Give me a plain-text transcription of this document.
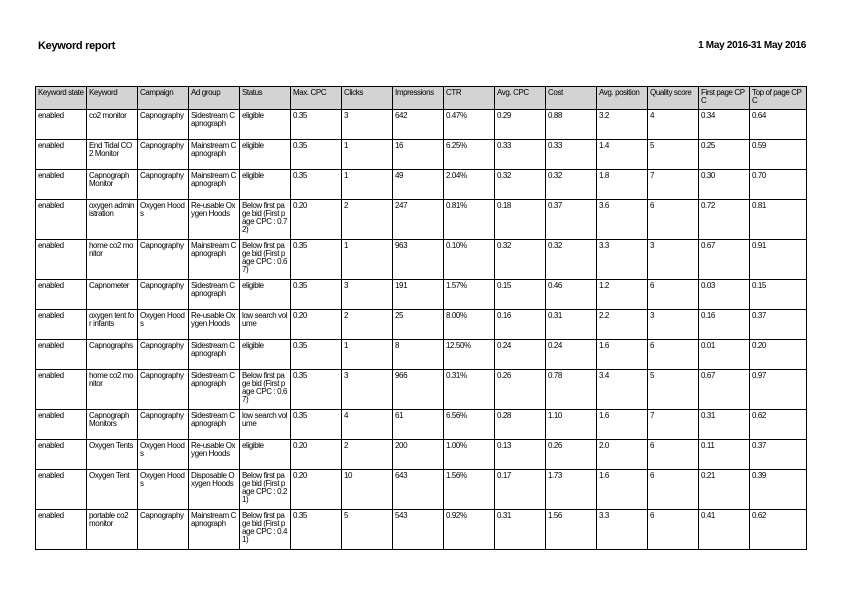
Keyword report	1 May 2016-31 May 2016
Keyword state	Keyword	Campaign	Ad group	Status	Max. CPC	Clicks	Impressions	CTR	Avg. CPC	Cost	Avg. position	Quality score	First page CPC	Top of page CPC
enabled	co2 monitor	Capnography	Sidestream Capnograph	eligible	0.35	3	642	0.47%	0.29	0.88	3.2	4	0.34	0.64
enabled	End Tidal CO2 Monitor	Capnography	Mainstream Capnograph	eligible	0.35	1	16	6.25%	0.33	0.33	1.4	5	0.25	0.59
enabled	Capnograph Monitor	Capnography	Mainstream Capnograph	eligible	0.35	1	49	2.04%	0.32	0.32	1.8	7	0.30	0.70
enabled	oxygen administration	Oxygen Hoods	Re-usable Oxygen Hoods	Below first page bid (First page CPC : 0.72)	0.20	2	247	0.81%	0.18	0.37	3.6	6	0.72	0.81
enabled	home co2 monitor	Capnography	Mainstream Capnograph	Below first page bid (First page CPC : 0.67)	0.35	1	963	0.10%	0.32	0.32	3.3	3	0.67	0.91
enabled	Capnometer	Capnography	Sidestream Capnograph	eligible	0.35	3	191	1.57%	0.15	0.46	1.2	6	0.03	0.15
enabled	oxygen tent for infants	Oxygen Hoods	Re-usable Oxygen Hoods	low search volume	0.20	2	25	8.00%	0.16	0.31	2.2	3	0.16	0.37
enabled	Capnographs	Capnography	Sidestream Capnograph	eligible	0.35	1	8	12.50%	0.24	0.24	1.6	6	0.01	0.20
enabled	home co2 monitor	Capnography	Sidestream Capnograph	Below first page bid (First page CPC : 0.67)	0.35	3	966	0.31%	0.26	0.78	3.4	5	0.67	0.97
enabled	Capnograph Monitors	Capnography	Sidestream Capnograph	low search volume	0.35	4	61	6.56%	0.28	1.10	1.6	7	0.31	0.62
enabled	Oxygen Tents	Oxygen Hoods	Re-usable Oxygen Hoods	eligible	0.20	2	200	1.00%	0.13	0.26	2.0	6	0.11	0.37
enabled	Oxygen Tent	Oxygen Hoods	Disposable Oxygen Hoods	Below first page bid (First page CPC : 0.21)	0.20	10	643	1.56%	0.17	1.73	1.6	6	0.21	0.39
enabled	portable co2 monitor	Capnography	Mainstream Capnograph	Below first page bid (First page CPC : 0.41)	0.35	5	543	0.92%	0.31	1.56	3.3	6	0.41	0.62
